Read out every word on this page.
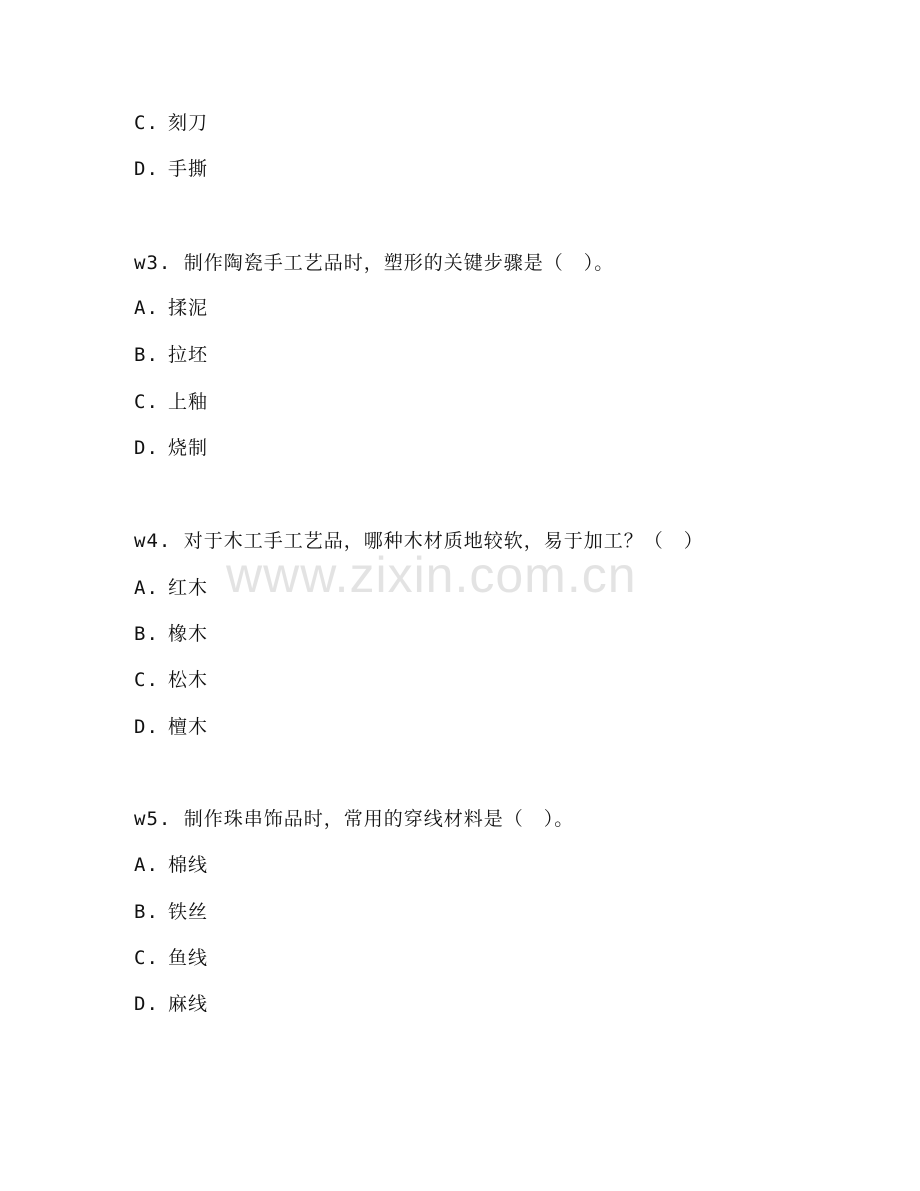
C. 刻刀
D. 手撕
w3. 制作陶瓷手工艺品时，塑形的关键步骤是（　）。
A. 揉泥
B. 拉坯
C. 上釉
D. 烧制
w4. 对于木工手工艺品，哪种木材质地较软，易于加工？（　）
A. 红木
B. 橡木
C. 松木
D. 檀木
w5. 制作珠串饰品时，常用的穿线材料是（　）。
A. 棉线
B. 铁丝
C. 鱼线
D. 麻线
www.zixin.com.cn
